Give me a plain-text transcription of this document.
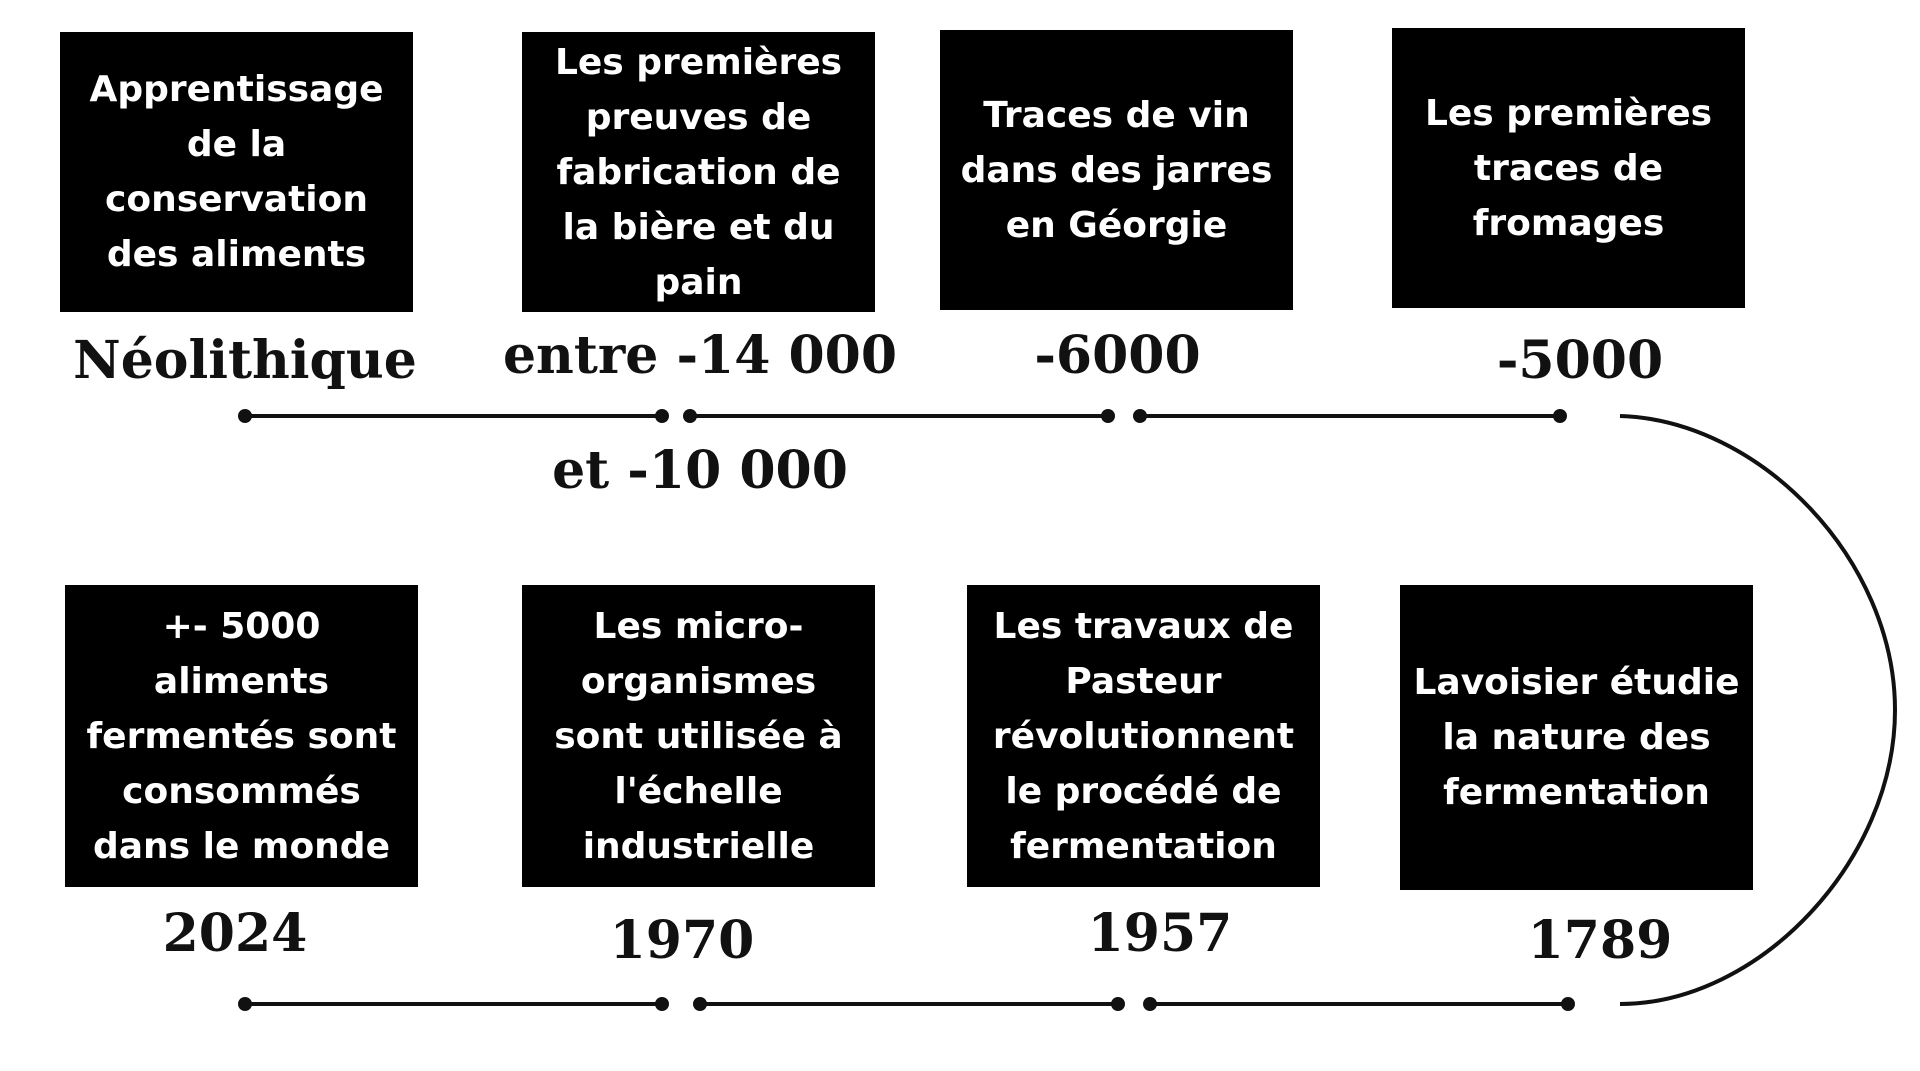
Apprentissage
de la
conservation
des aliments
Néolithique
Les premières
preuves de
fabrication de
la bière et du
pain
entre -14 000
et -10 000
Traces de vin
dans des jarres
en Géorgie
-6000
Les premières
traces de
fromages
-5000
Lavoisier étudie
la nature des
fermentation
1789
Les travaux de
Pasteur
révolutionnent
le procédé de
fermentation
1957
Les micro-
organismes
sont utilisée à
l'échelle
industrielle
1970
+- 5000
aliments
fermentés sont
consommés
dans le monde
2024
